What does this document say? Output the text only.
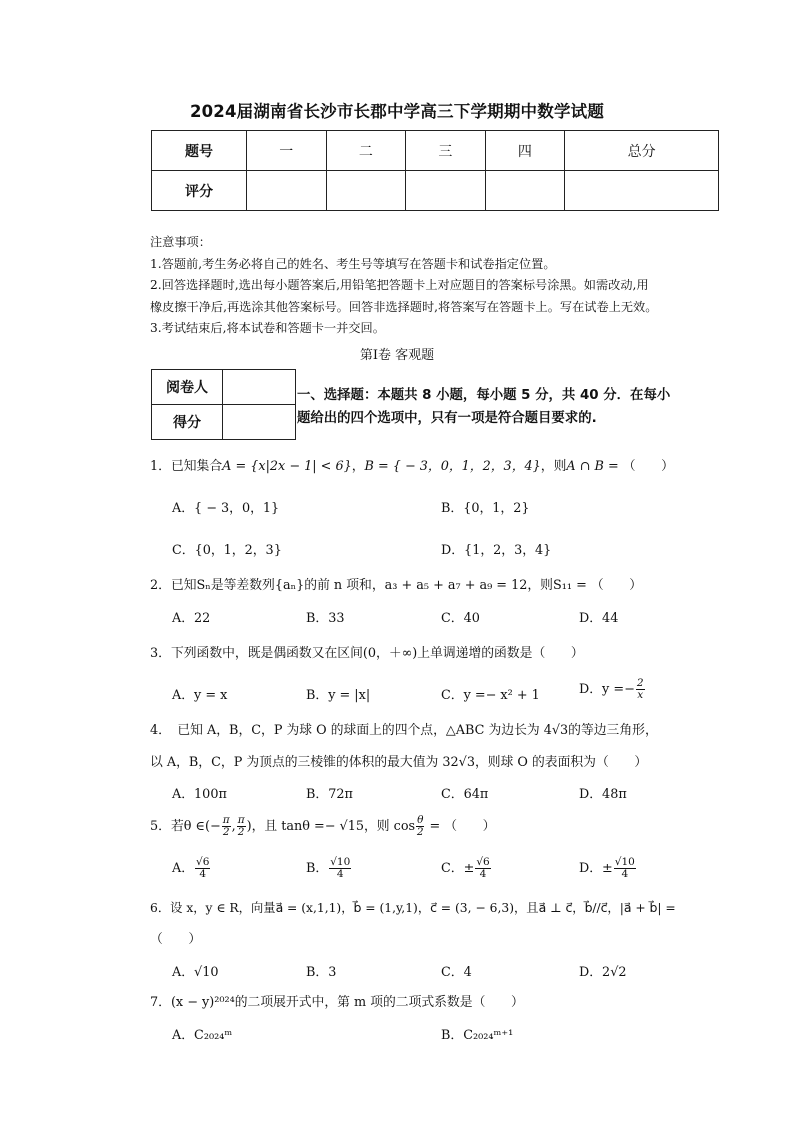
2024届湖南省长沙市长郡中学高三下学期期中数学试题
题号	一	二	三	四	总分
评分					
注意事项：
1.答题前,考生务必将自己的姓名、考生号等填写在答题卡和试卷指定位置。
2.回答选择题时,选出每小题答案后,用铅笔把答题卡上对应题目的答案标号涂黑。如需改动,用
橡皮擦干净后,再选涂其他答案标号。回答非选择题时,将答案写在答题卡上。写在试卷上无效。
3.考试结束后,将本试卷和答题卡一并交回。
第Ⅰ卷 客观题
阅卷人	
得分	
一、选择题：本题共 8 小题，每小题 5 分，共 40 分．在每小
题给出的四个选项中，只有一项是符合题目要求的.
1．已知集合A = {x|2x − 1| < 6}，B = { − 3，0，1，2，3，4}，则A ∩ B = （　　）
A．{ − 3，0，1}	B．{0，1，2}
C．{0，1，2，3}	D．{1，2，3，4}
2．已知Sₙ是等差数列{aₙ}的前 n 项和，a₃ + a₅ + a₇ + a₉ = 12，则S₁₁ = （　　）
A．22	B．33	C．40	D．44
3．下列函数中，既是偶函数又在区间(0，＋∞)上单调递增的函数是（　　）
A．y = x	B．y = |x|	C．y =− x² + 1	D．$y =- \frac{2}{x}$
4．　已知 A，B，C，P 为球 O 的球面上的四个点，△ABC 为边长为 4√3的等边三角形，
以 A，B，C，P 为顶点的三棱锥的体积的最大值为 32√3，则球 O 的表面积为（　　）
A．100π	B．72π	C．64π	D．48π
5．若θ ∈(− $\frac{\pi}{2}$ , $\frac{\pi}{2}$ )，且 tanθ =− √15，则 $\cos \frac{\theta}{2}$ = （　　）
A． $\frac{√6}{4}$	B． $\frac{√10}{4}$	C．± $\frac{√6}{4}$	D．± $\frac{√10}{4}$
6．设 x，y ∈ R，向量a⃗ = (x,1,1)，b⃗ = (1,y,1)，c⃗ = (3, − 6,3)，且a⃗ ⊥ c⃗，b⃗//c⃗，|a⃗ + b⃗| =
（　　）
A．√10	B．3	C．4	D．2√2
7．(x − y)²⁰²⁴的二项展开式中，第 m 项的二项式系数是（　　）
A．C₂₀₂₄ᵐ	B．C₂₀₂₄ᵐ⁺¹
